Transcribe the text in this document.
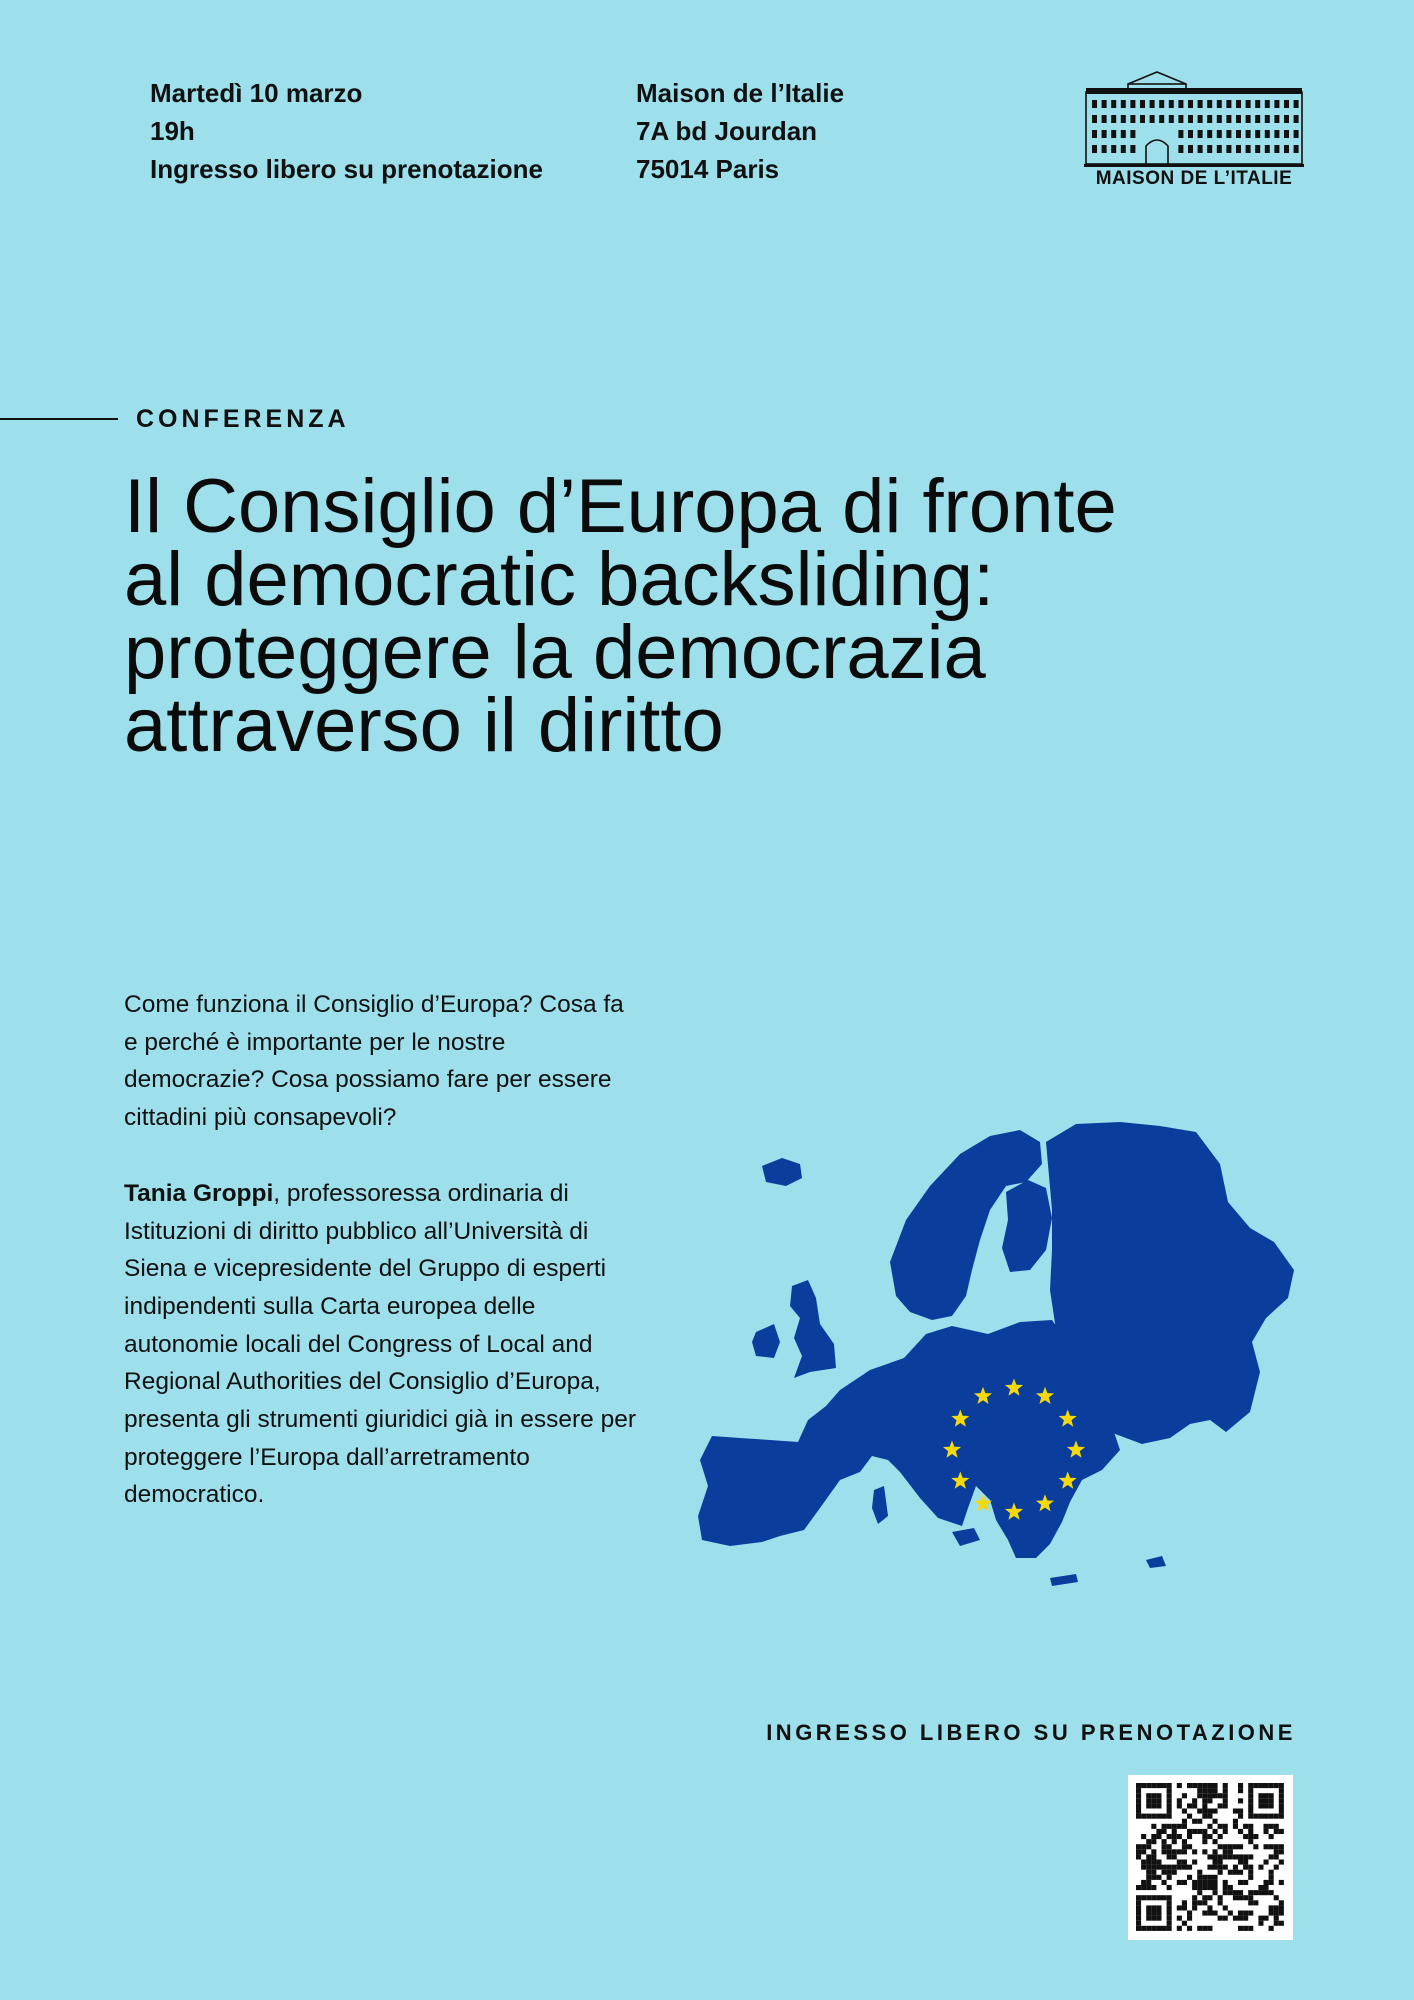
Martedì 10 marzo
19h
Ingresso libero su prenotazione
Maison de l’Italie
7A bd Jourdan
75014 Paris	MAISON DE L’ITALIE
CONFERENZA
Il Consiglio d’Europa di fronte al democratic backsliding: proteggere la democrazia attraverso il diritto

Come funziona il Consiglio d’Europa? Cosa fa e perché è importante per le nostre democrazie? Cosa possiamo fare per essere cittadini più consapevoli?

Tania Groppi, professoressa ordinaria di Istituzioni di diritto pubblico all’Università di Siena e vicepresidente del Gruppo di esperti indipendenti sulla Carta europea delle autonomie locali del Congress of Local and Regional Authorities del Consiglio d’Europa, presenta gli strumenti giuridici già in essere per proteggere l’Europa dall’arretramento democratico.

INGRESSO LIBERO SU PRENOTAZIONE
